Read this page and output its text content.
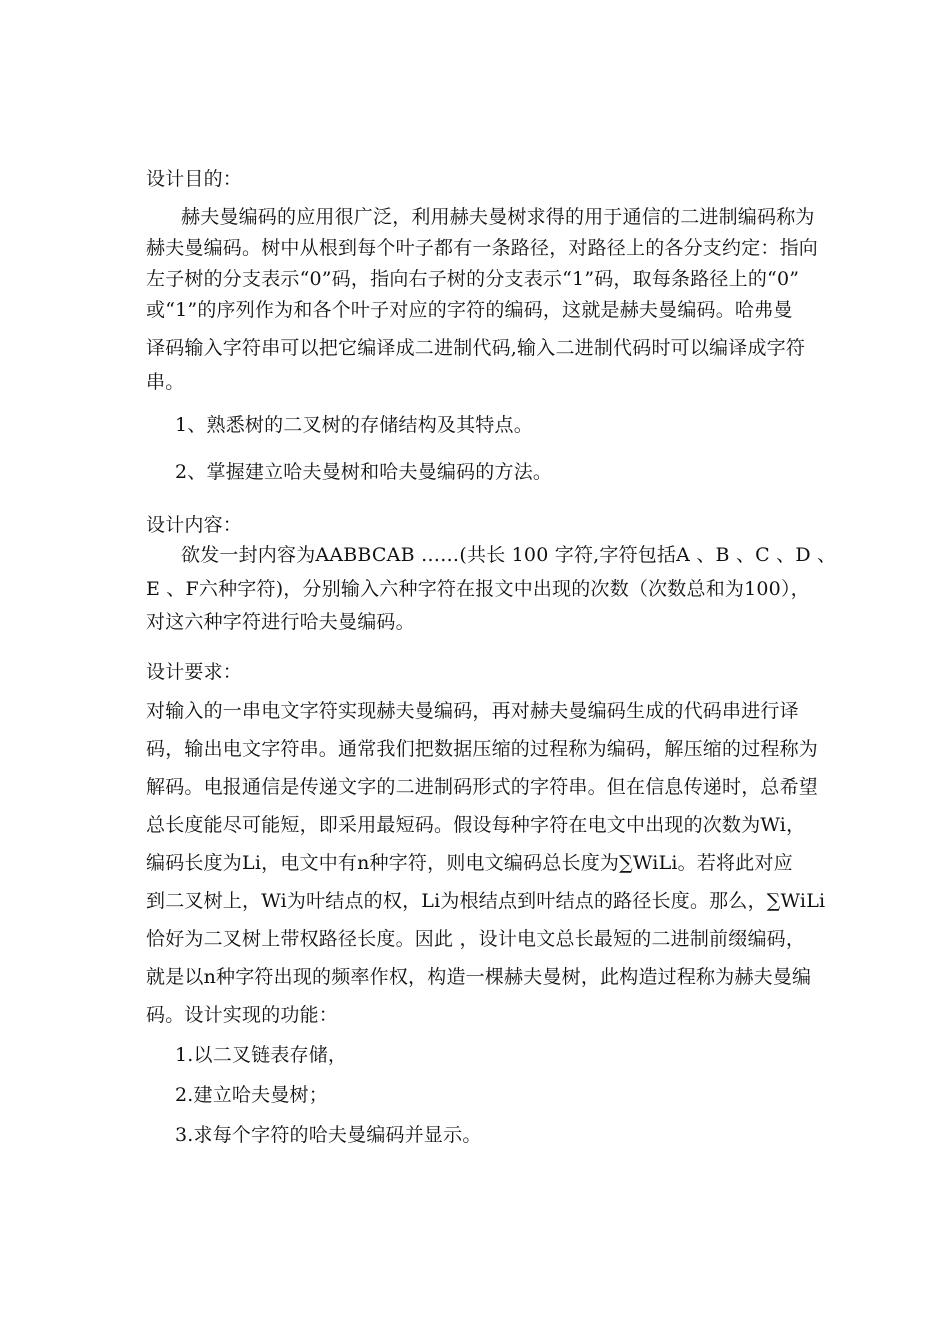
设计目的：
赫夫曼编码的应用很广泛，利用赫夫曼树求得的用于通信的二进制编码称为
赫夫曼编码。树中从根到每个叶子都有一条路径，对路径上的各分支约定：指向
左子树的分支表示“0”码，指向右子树的分支表示“1”码，取每条路径上的“0”
或“1”的序列作为和各个叶子对应的字符的编码，这就是赫夫曼编码。哈弗曼
译码输入字符串可以把它编译成二进制代码,输入二进制代码时可以编译成字符
串。
1、熟悉树的二叉树的存储结构及其特点。
2、掌握建立哈夫曼树和哈夫曼编码的方法。
设计内容：
欲发一封内容为AABBCAB ……(共长 100 字符,字符包括A 、B 、C 、D 、
E 、F六种字符)，分别输入六种字符在报文中出现的次数（次数总和为100），
对这六种字符进行哈夫曼编码。
设计要求：
对输入的一串电文字符实现赫夫曼编码，再对赫夫曼编码生成的代码串进行译
码，输出电文字符串。通常我们把数据压缩的过程称为编码，解压缩的过程称为
解码。电报通信是传递文字的二进制码形式的字符串。但在信息传递时，总希望
总长度能尽可能短，即采用最短码。假设每种字符在电文中出现的次数为Wi，
编码长度为Li，电文中有n种字符，则电文编码总长度为∑WiLi。若将此对应
到二叉树上，Wi为叶结点的权，Li为根结点到叶结点的路径长度。那么，∑WiLi
恰好为二叉树上带权路径长度。因此 ，设计电文总长最短的二进制前缀编码，
就是以n种字符出现的频率作权，构造一棵赫夫曼树，此构造过程称为赫夫曼编
码。设计实现的功能：
1.以二叉链表存储，
2.建立哈夫曼树；
3.求每个字符的哈夫曼编码并显示。
